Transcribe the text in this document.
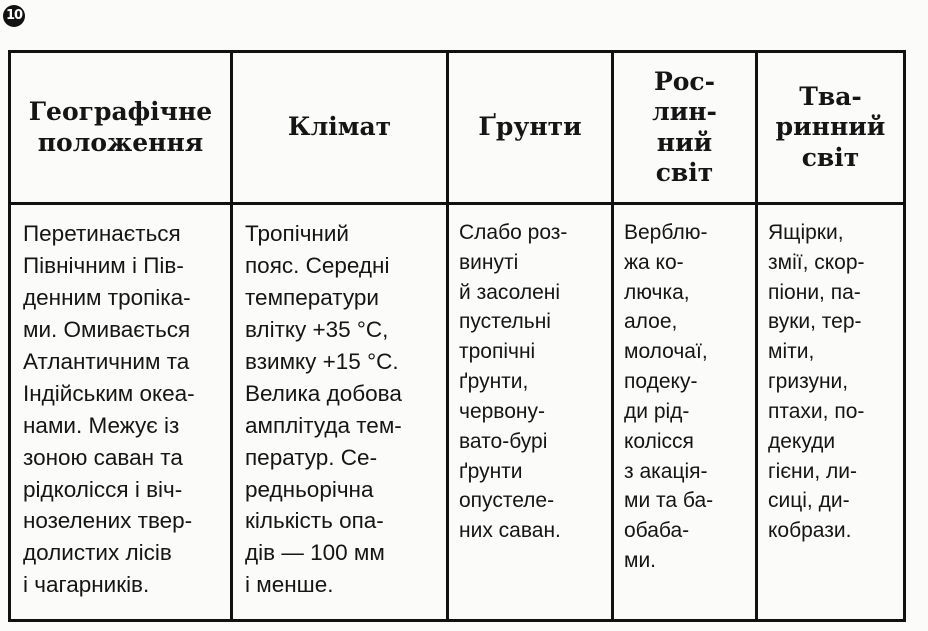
10
Географічне
положення
Клімат	Ґрунти
Рос-
лин-
ний
світ
Тва-
ринний
світ
Перетинається
Північним і Пів-
денним тропіка-
ми. Омивається
Атлантичним та
Індійським океа-
нами. Межує із
зоною саван та
рідколісся і віч-
нозелених твер-
долистих лісів
і чагарників.
Тропічний
пояс. Середні
температури
влітку +35 °С,
взимку +15 °С.
Велика добова
амплітуда тем-
ператур. Се-
редньорічна
кількість опа-
дів — 100 мм
і менше.
Слабо роз-
винуті
й засолені
пустельні
тропічні
ґрунти,
червону-
вато-бурі
ґрунти
опустеле-
них саван.
Верблю-
жа ко-
лючка,
алое,
молочаї,
подеку-
ди рід-
колісся
з акація-
ми та ба-
обаба-
ми.
Ящірки,
змії, скор-
піони, па-
вуки, тер-
міти,
гризуни,
птахи, по-
декуди
гієни, ли-
сиці, ди-
кобрази.
